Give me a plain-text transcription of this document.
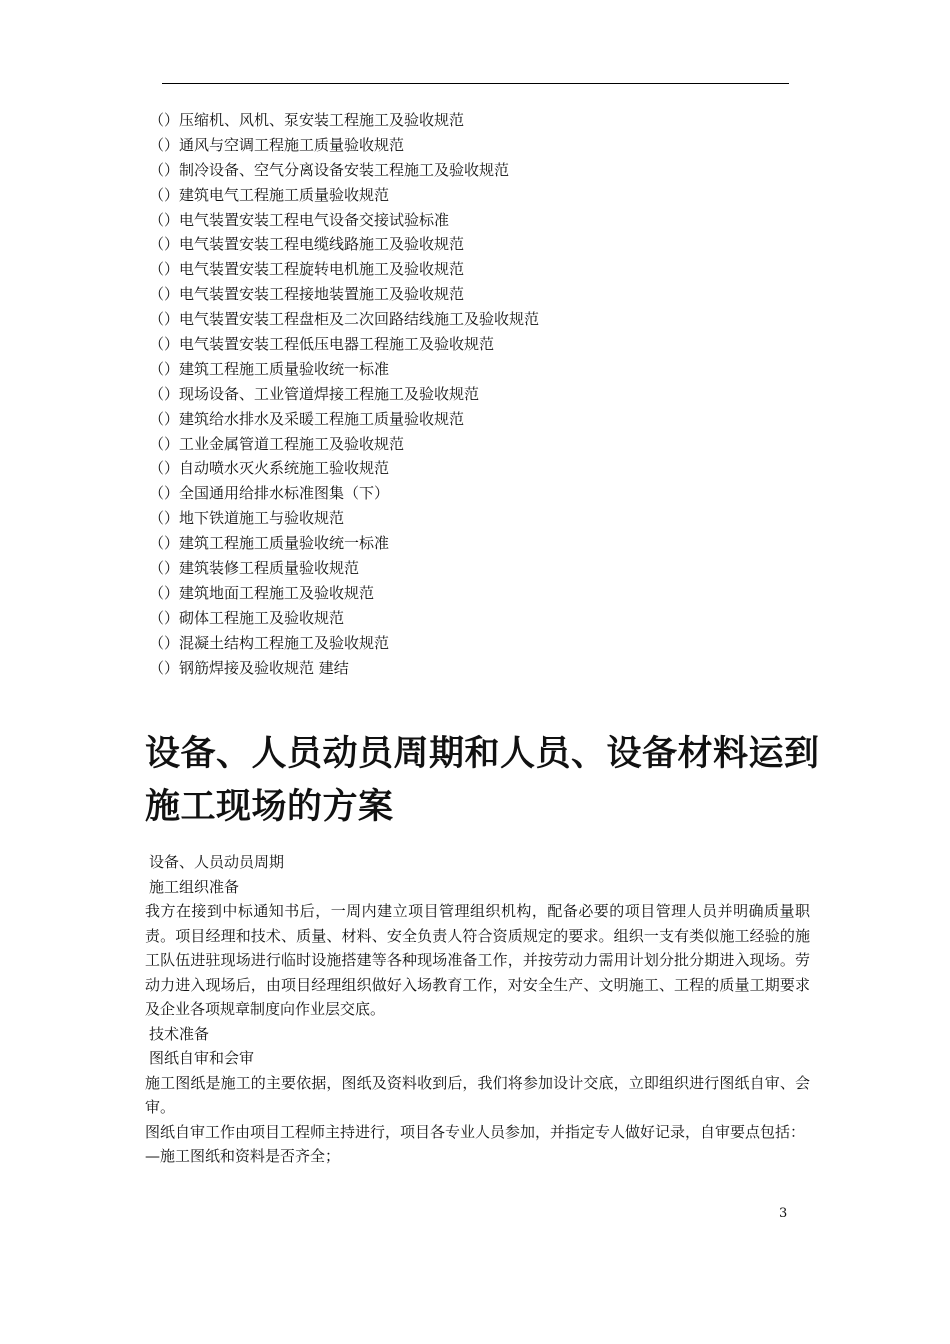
（）压缩机、风机、泵安装工程施工及验收规范
（）通风与空调工程施工质量验收规范
（）制冷设备、空气分离设备安装工程施工及验收规范
（）建筑电气工程施工质量验收规范
（）电气装置安装工程电气设备交接试验标准
（）电气装置安装工程电缆线路施工及验收规范
（）电气装置安装工程旋转电机施工及验收规范
（）电气装置安装工程接地装置施工及验收规范
（）电气装置安装工程盘柜及二次回路结线施工及验收规范
（）电气装置安装工程低压电器工程施工及验收规范
（）建筑工程施工质量验收统一标准
（）现场设备、工业管道焊接工程施工及验收规范
（）建筑给水排水及采暖工程施工质量验收规范
（）工业金属管道工程施工及验收规范
（）自动喷水灭火系统施工验收规范
（）全国通用给排水标准图集（下）
（）地下铁道施工与验收规范
（）建筑工程施工质量验收统一标准
（）建筑装修工程质量验收规范
（）建筑地面工程施工及验收规范
（）砌体工程施工及验收规范
（）混凝土结构工程施工及验收规范
（）钢筋焊接及验收规范 建结
设备、人员动员周期和人员、设备材料运到施工现场的方案
设备、人员动员周期
施工组织准备

我方在接到中标通知书后，一周内建立项目管理组织机构，配备必要的项目管理人员并明确质量职责。项目经理和技术、质量、材料、安全负责人符合资质规定的要求。组织一支有类似施工经验的施工队伍进驻现场进行临时设施搭建等各种现场准备工作，并按劳动力需用计划分批分期进入现场。劳动力进入现场后，由项目经理组织做好入场教育工作，对安全生产、文明施工、工程的质量工期要求及企业各项规章制度向作业层交底。

技术准备
图纸自审和会审

施工图纸是施工的主要依据，图纸及资料收到后，我们将参加设计交底，立即组织进行图纸自审、会审。

图纸自审工作由项目工程师主持进行，项目各专业人员参加，并指定专人做好记录，自审要点包括：

—施工图纸和资料是否齐全；

3
